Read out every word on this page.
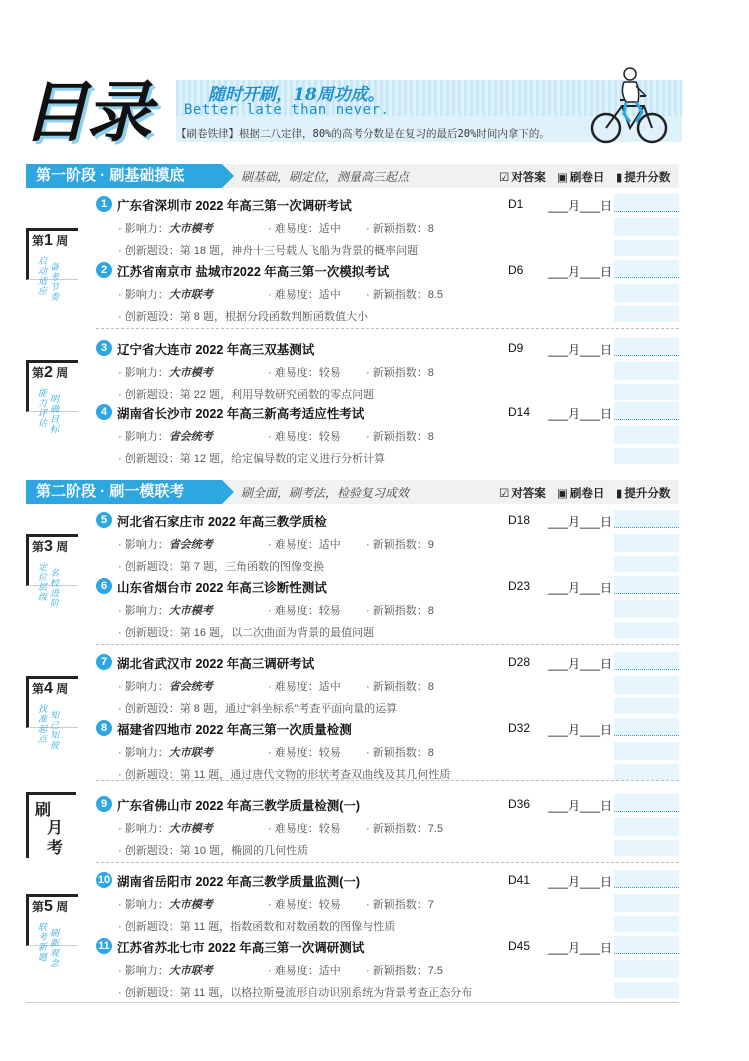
目录	随时开刷，18周功成。
Better late than never.
【刷卷铁律】根据二八定律，80%的高考分数是在复习的最后20%时间内拿下的。
第一阶段 · 刷基础摸底	刷基础，刷定位，测量高三起点	☑ 对答案 ▣ 刷卷日 ▮ 提升分数
第二阶段 · 刷一模联考	刷全面，刷考法，检验复习成效	☑ 对答案 ▣ 刷卷日 ▮ 提升分数
第1 周
启动适应
备考节奏
第2 周
能力评估
明确目标
第3 周
定位层级
名校进阶
第4 周
找准起点
知己知彼
刷
月
考
第5 周
联考新题
刷新观念
1 广东省深圳市 2022 年高三第一次调研考试	D1 ___月___日
· 影响力：大市模考	· 难易度：适中 · 新颖指数：8
· 创新题设：第 18 题，神舟十三号载人飞船为背景的概率问题
2 江苏省南京市 盐城市2022 年高三第一次模拟考试	D6 ___月___日
· 影响力：大市联考	· 难易度：适中 · 新颖指数：8.5
· 创新题设：第 8 题，根据分段函数判断函数值大小
3 辽宁省大连市 2022 年高三双基测试	D9 ___月___日
· 影响力：大市模考	· 难易度：较易 · 新颖指数：8
· 创新题设：第 22 题，利用导数研究函数的零点问题
4 湖南省长沙市 2022 年高三新高考适应性考试	D14 ___月___日
· 影响力：省会统考	· 难易度：较易 · 新颖指数：8
· 创新题设：第 12 题，给定偏导数的定义进行分析计算
5 河北省石家庄市 2022 年高三教学质检	D18 ___月___日
· 影响力：省会统考	· 难易度：适中 · 新颖指数：9
· 创新题设：第 7 题，三角函数的图像变换
6 山东省烟台市 2022 年高三诊断性测试	D23 ___月___日
· 影响力：大市模考	· 难易度：较易 · 新颖指数：8
· 创新题设：第 16 题，以二次曲面为背景的最值问题
7 湖北省武汉市 2022 年高三调研考试	D28 ___月___日
· 影响力：省会统考	· 难易度：适中 · 新颖指数：8
· 创新题设：第 8 题，通过“斜坐标系”考查平面向量的运算
8 福建省四地市 2022 年高三第一次质量检测	D32 ___月___日
· 影响力：大市联考	· 难易度：较易 · 新颖指数：8
· 创新题设：第 11 题，通过唐代文物的形状考查双曲线及其几何性质
9 广东省佛山市 2022 年高三教学质量检测(一)	D36 ___月___日
· 影响力：大市模考	· 难易度：较易 · 新颖指数：7.5
· 创新题设：第 10 题，椭圆的几何性质
10 湖南省岳阳市 2022 年高三教学质量监测(一)	D41 ___月___日
· 影响力：大市模考	· 难易度：较易 · 新颖指数：7
· 创新题设：第 11 题，指数函数和对数函数的图像与性质
11 江苏省苏北七市 2022 年高三第一次调研测试	D45 ___月___日
· 影响力：大市联考	· 难易度：适中 · 新颖指数：7.5
· 创新题设：第 11 题，以格拉斯曼流形自动识别系统为背景考查正态分布
